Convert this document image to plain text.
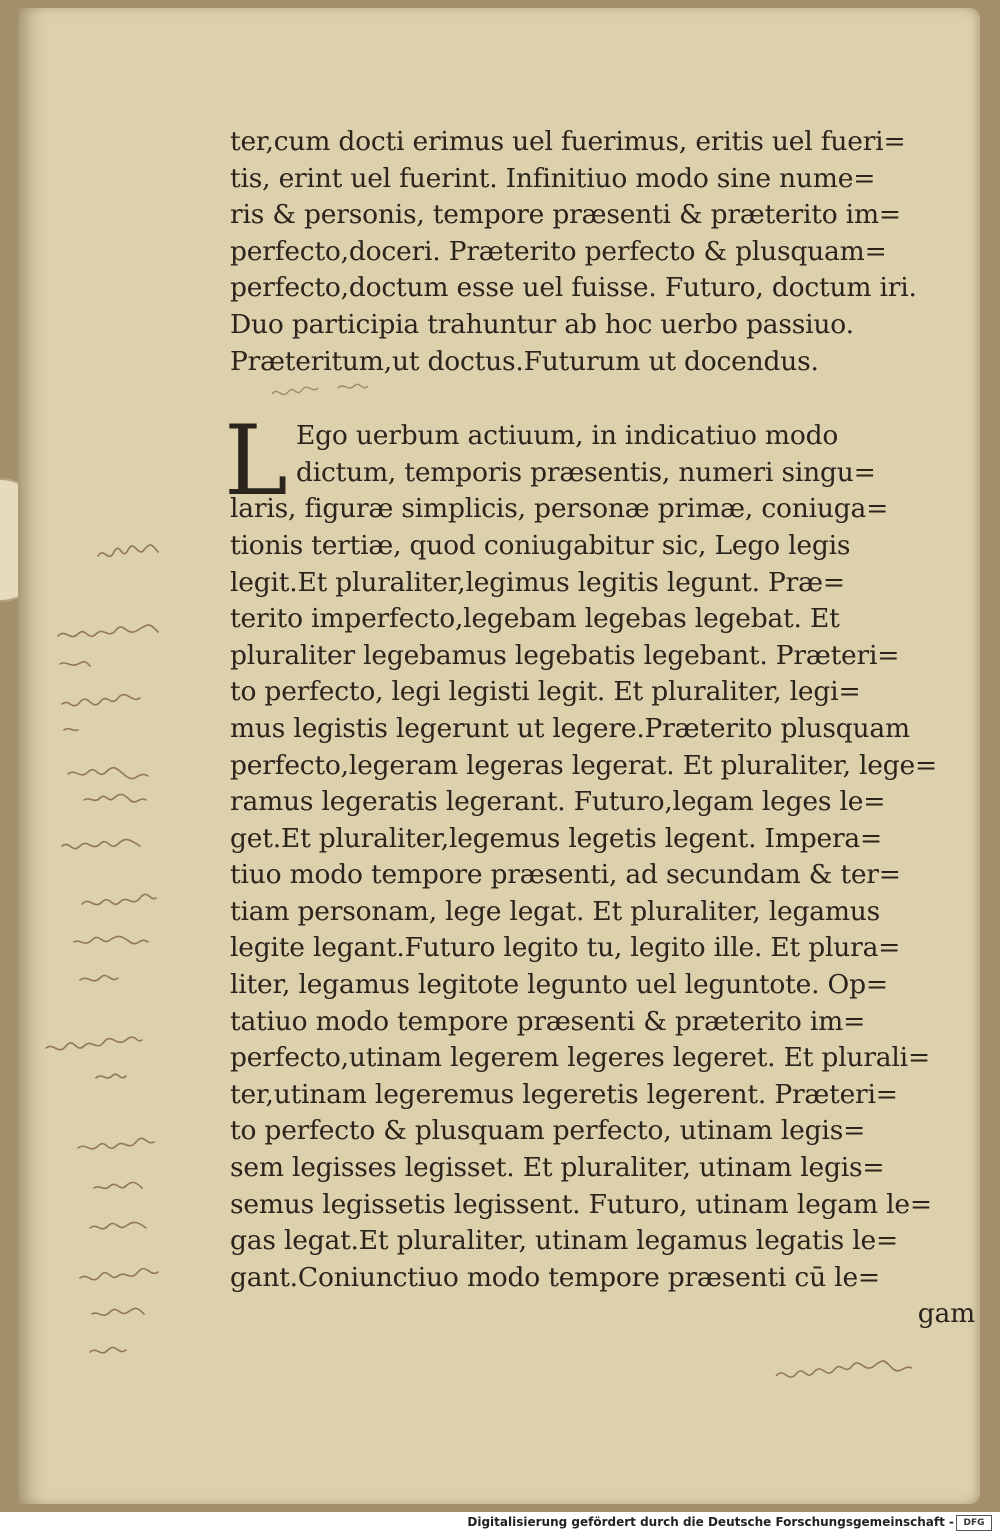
ter,cum docti erimus uel fuerimus, eritis uel fueri=
tis, erint uel fuerint. Infinitiuo modo sine nume=
ris & personis, tempore præsenti & præterito im=
perfecto,doceri. Præterito perfecto & plusquam=
perfecto,doctum esse uel fuisse. Futuro, doctum iri.
Duo participia trahuntur ab hoc uerbo passiuo.
Præteritum,ut doctus.Futurum ut docendus.
L Ego uerbum actiuum, in indicatiuo modo
dictum, temporis præsentis, numeri singu=
laris, figuræ simplicis, personæ primæ, coniuga=
tionis tertiæ, quod coniugabitur sic, Lego legis
legit.Et pluraliter,legimus legitis legunt. Præ=
terito imperfecto,legebam legebas legebat. Et
pluraliter legebamus legebatis legebant. Præteri=
to perfecto, legi legisti legit. Et pluraliter, legi=
mus legistis legerunt ut legere.Præterito plusquam
perfecto,legeram legeras legerat. Et pluraliter, lege=
ramus legeratis legerant. Futuro,legam leges le=
get.Et pluraliter,legemus legetis legent. Impera=
tiuo modo tempore præsenti, ad secundam & ter=
tiam personam, lege legat. Et pluraliter, legamus
legite legant.Futuro legito tu, legito ille. Et plura=
liter, legamus legitote legunto uel leguntote. Op=
tatiuo modo tempore præsenti & præterito im=
perfecto,utinam legerem legeres legeret. Et plurali=
ter,utinam legeremus legeretis legerent. Præteri=
to perfecto & plusquam perfecto, utinam legis=
sem legisses legisset. Et pluraliter, utinam legis=
semus legissetis legissent. Futuro, utinam legam le=
gas legat.Et pluraliter, utinam legamus legatis le=
gant.Coniunctiuo modo tempore præsenti cū le=
gam
Digitalisierung gefördert durch die Deutsche Forschungsgemeinschaft -	DFG
